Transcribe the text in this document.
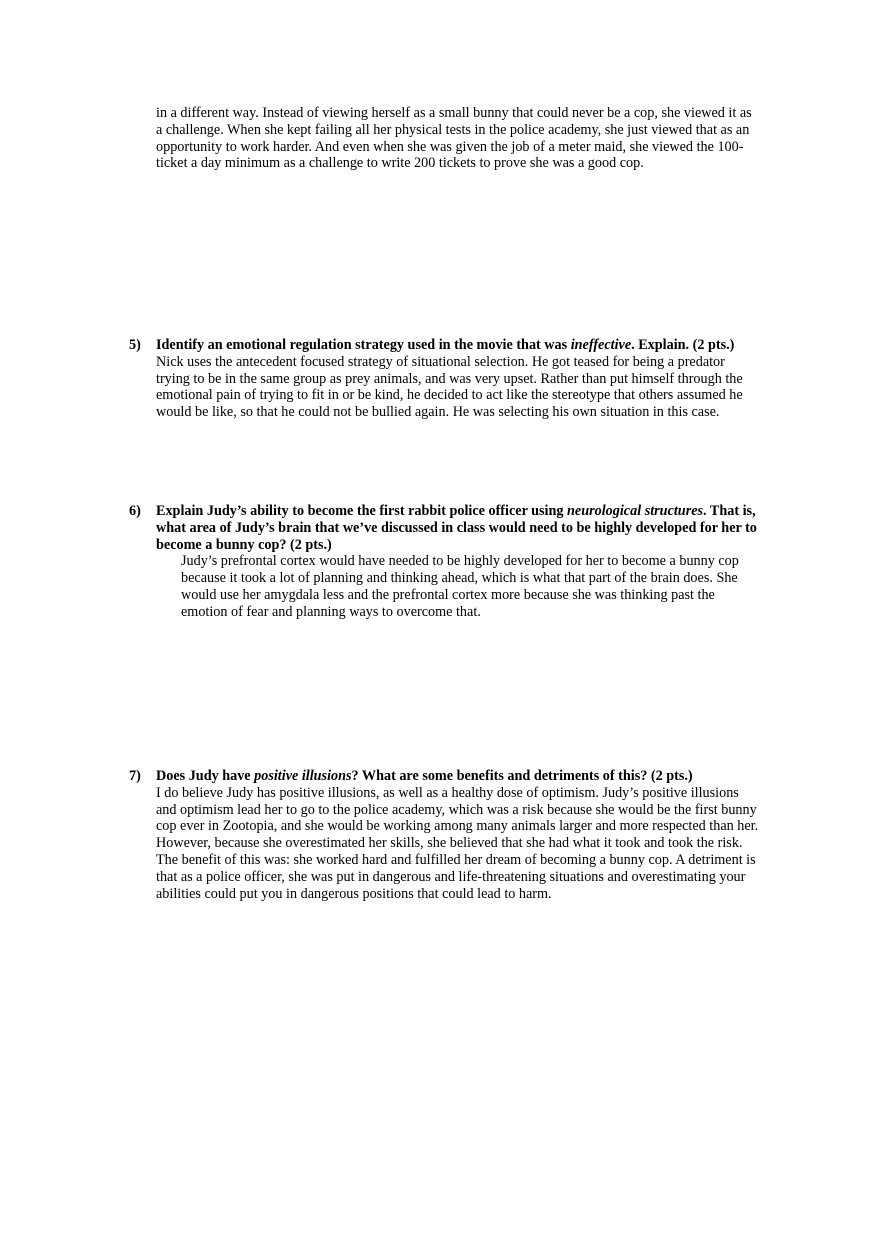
in a different way. Instead of viewing herself as a small bunny that could never be a cop, she viewed it as a challenge. When she kept failing all her physical tests in the police academy, she just viewed that as an opportunity to work harder. And even when she was given the job of a meter maid, she viewed the 100-ticket a day minimum as a challenge to write 200 tickets to prove she was a good cop.

5) Identify an emotional regulation strategy used in the movie that was ineffective. Explain. (2 pts.)

Nick uses the antecedent focused strategy of situational selection. He got teased for being a predator trying to be in the same group as prey animals, and was very upset. Rather than put himself through the emotional pain of trying to fit in or be kind, he decided to act like the stereotype that others assumed he would be like, so that he could not be bullied again. He was selecting his own situation in this case.

6) Explain Judy’s ability to become the first rabbit police officer using neurological structures. That is, what area of Judy’s brain that we’ve discussed in class would need to be highly developed for her to become a bunny cop? (2 pts.)

Judy’s prefrontal cortex would have needed to be highly developed for her to become a bunny cop because it took a lot of planning and thinking ahead, which is what that part of the brain does. She would use her amygdala less and the prefrontal cortex more because she was thinking past the emotion of fear and planning ways to overcome that.

7) Does Judy have positive illusions? What are some benefits and detriments of this? (2 pts.)

I do believe Judy has positive illusions, as well as a healthy dose of optimism. Judy’s positive illusions and optimism lead her to go to the police academy, which was a risk because she would be the first bunny cop ever in Zootopia, and she would be working among many animals larger and more respected than her. However, because she overestimated her skills, she believed that she had what it took and took the risk. The benefit of this was: she worked hard and fulfilled her dream of becoming a bunny cop. A detriment is that as a police officer, she was put in dangerous and life-threatening situations and overestimating your abilities could put you in dangerous positions that could lead to harm.
